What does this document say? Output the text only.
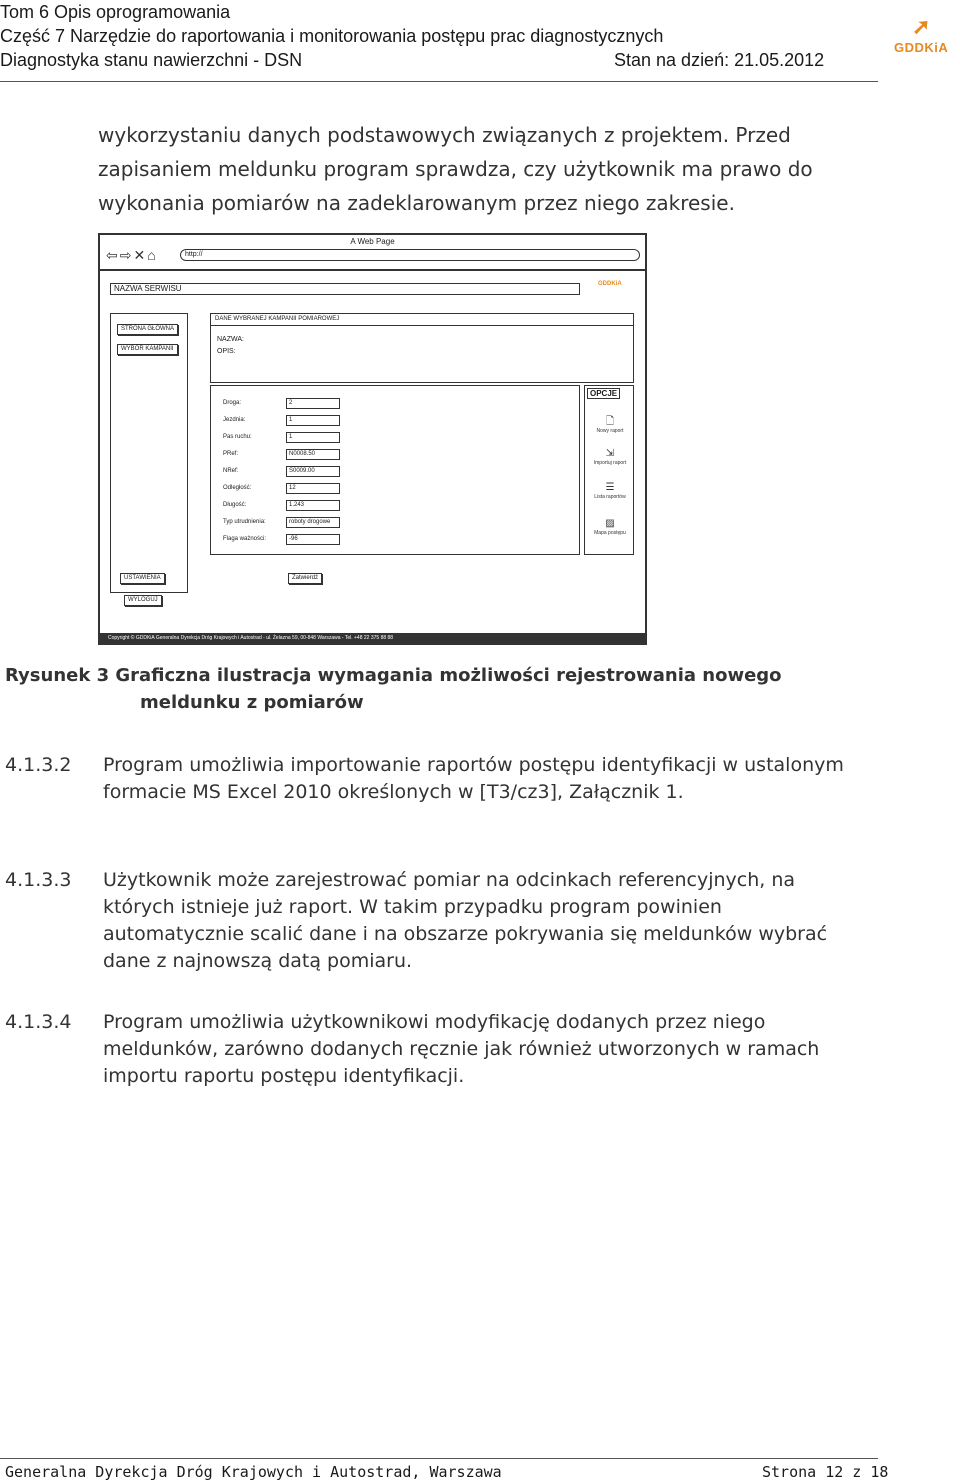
Tom 6 Opis oprogramowania
Część 7 Narzędzie do raportowania i monitorowania postępu prac diagnostycznych
Diagnostyka stanu nawierzchni - DSN	Stan na dzień: 21.05.2012
➚
GDDKiA
wykorzystaniu danych podstawowych związanych z projektem. Przed zapisaniem meldunku program sprawdza, czy użytkownik ma prawo do wykonania pomiarów na zadeklarowanym przez niego zakresie.
A Web Page
⇦⇨✕⌂	http://
NAZWA SERWISU	GDDKiA
STRONA GŁÓWNA
WYBÓR KAMPANII
DANE WYBRANEJ KAMPANII POMIAROWEJ
NAZWA:
OPIS:
Droga:	2
Jezdnia:	1
Pas ruchu:	1
PRef:	N0008.50
NRef:	S0009.00
Odległość:	12
Długość:	1.243
Typ utrudnienia:	roboty drogowe
Flaga ważności:	-96
OPCJE
🗋
Nowy raport
⇲
Importuj raport
☰
Lista raportów
▨
Mapa postępu
USTAWIENIA
WYLOGUJ
Zatwierdź
Copyright © GDDKiA Generalna Dyrekcja Dróg Krajowych i Autostrad - ul. Żelazna 59, 00-848 Warszawa - Tel. +48 22 375 88 88
Rysunek 3 Graficzna ilustracja wymagania możliwości rejestrowania nowego
meldunku z pomiarów
4.1.3.2 Program umożliwia importowanie raportów postępu identyfikacji w ustalonym formacie MS Excel 2010 określonych w [T3/cz3], Załącznik 1.
4.1.3.3 Użytkownik może zarejestrować pomiar na odcinkach referencyjnych, na których istnieje już raport. W takim przypadku program powinien automatycznie scalić dane i na obszarze pokrywania się meldunków wybrać dane z najnowszą datą pomiaru.
4.1.3.4 Program umożliwia użytkownikowi modyfikację dodanych przez niego meldunków, zarówno dodanych ręcznie jak również utworzonych w ramach importu raportu postępu identyfikacji.
Generalna Dyrekcja Dróg Krajowych i Autostrad, Warszawa	Strona 12 z 18
